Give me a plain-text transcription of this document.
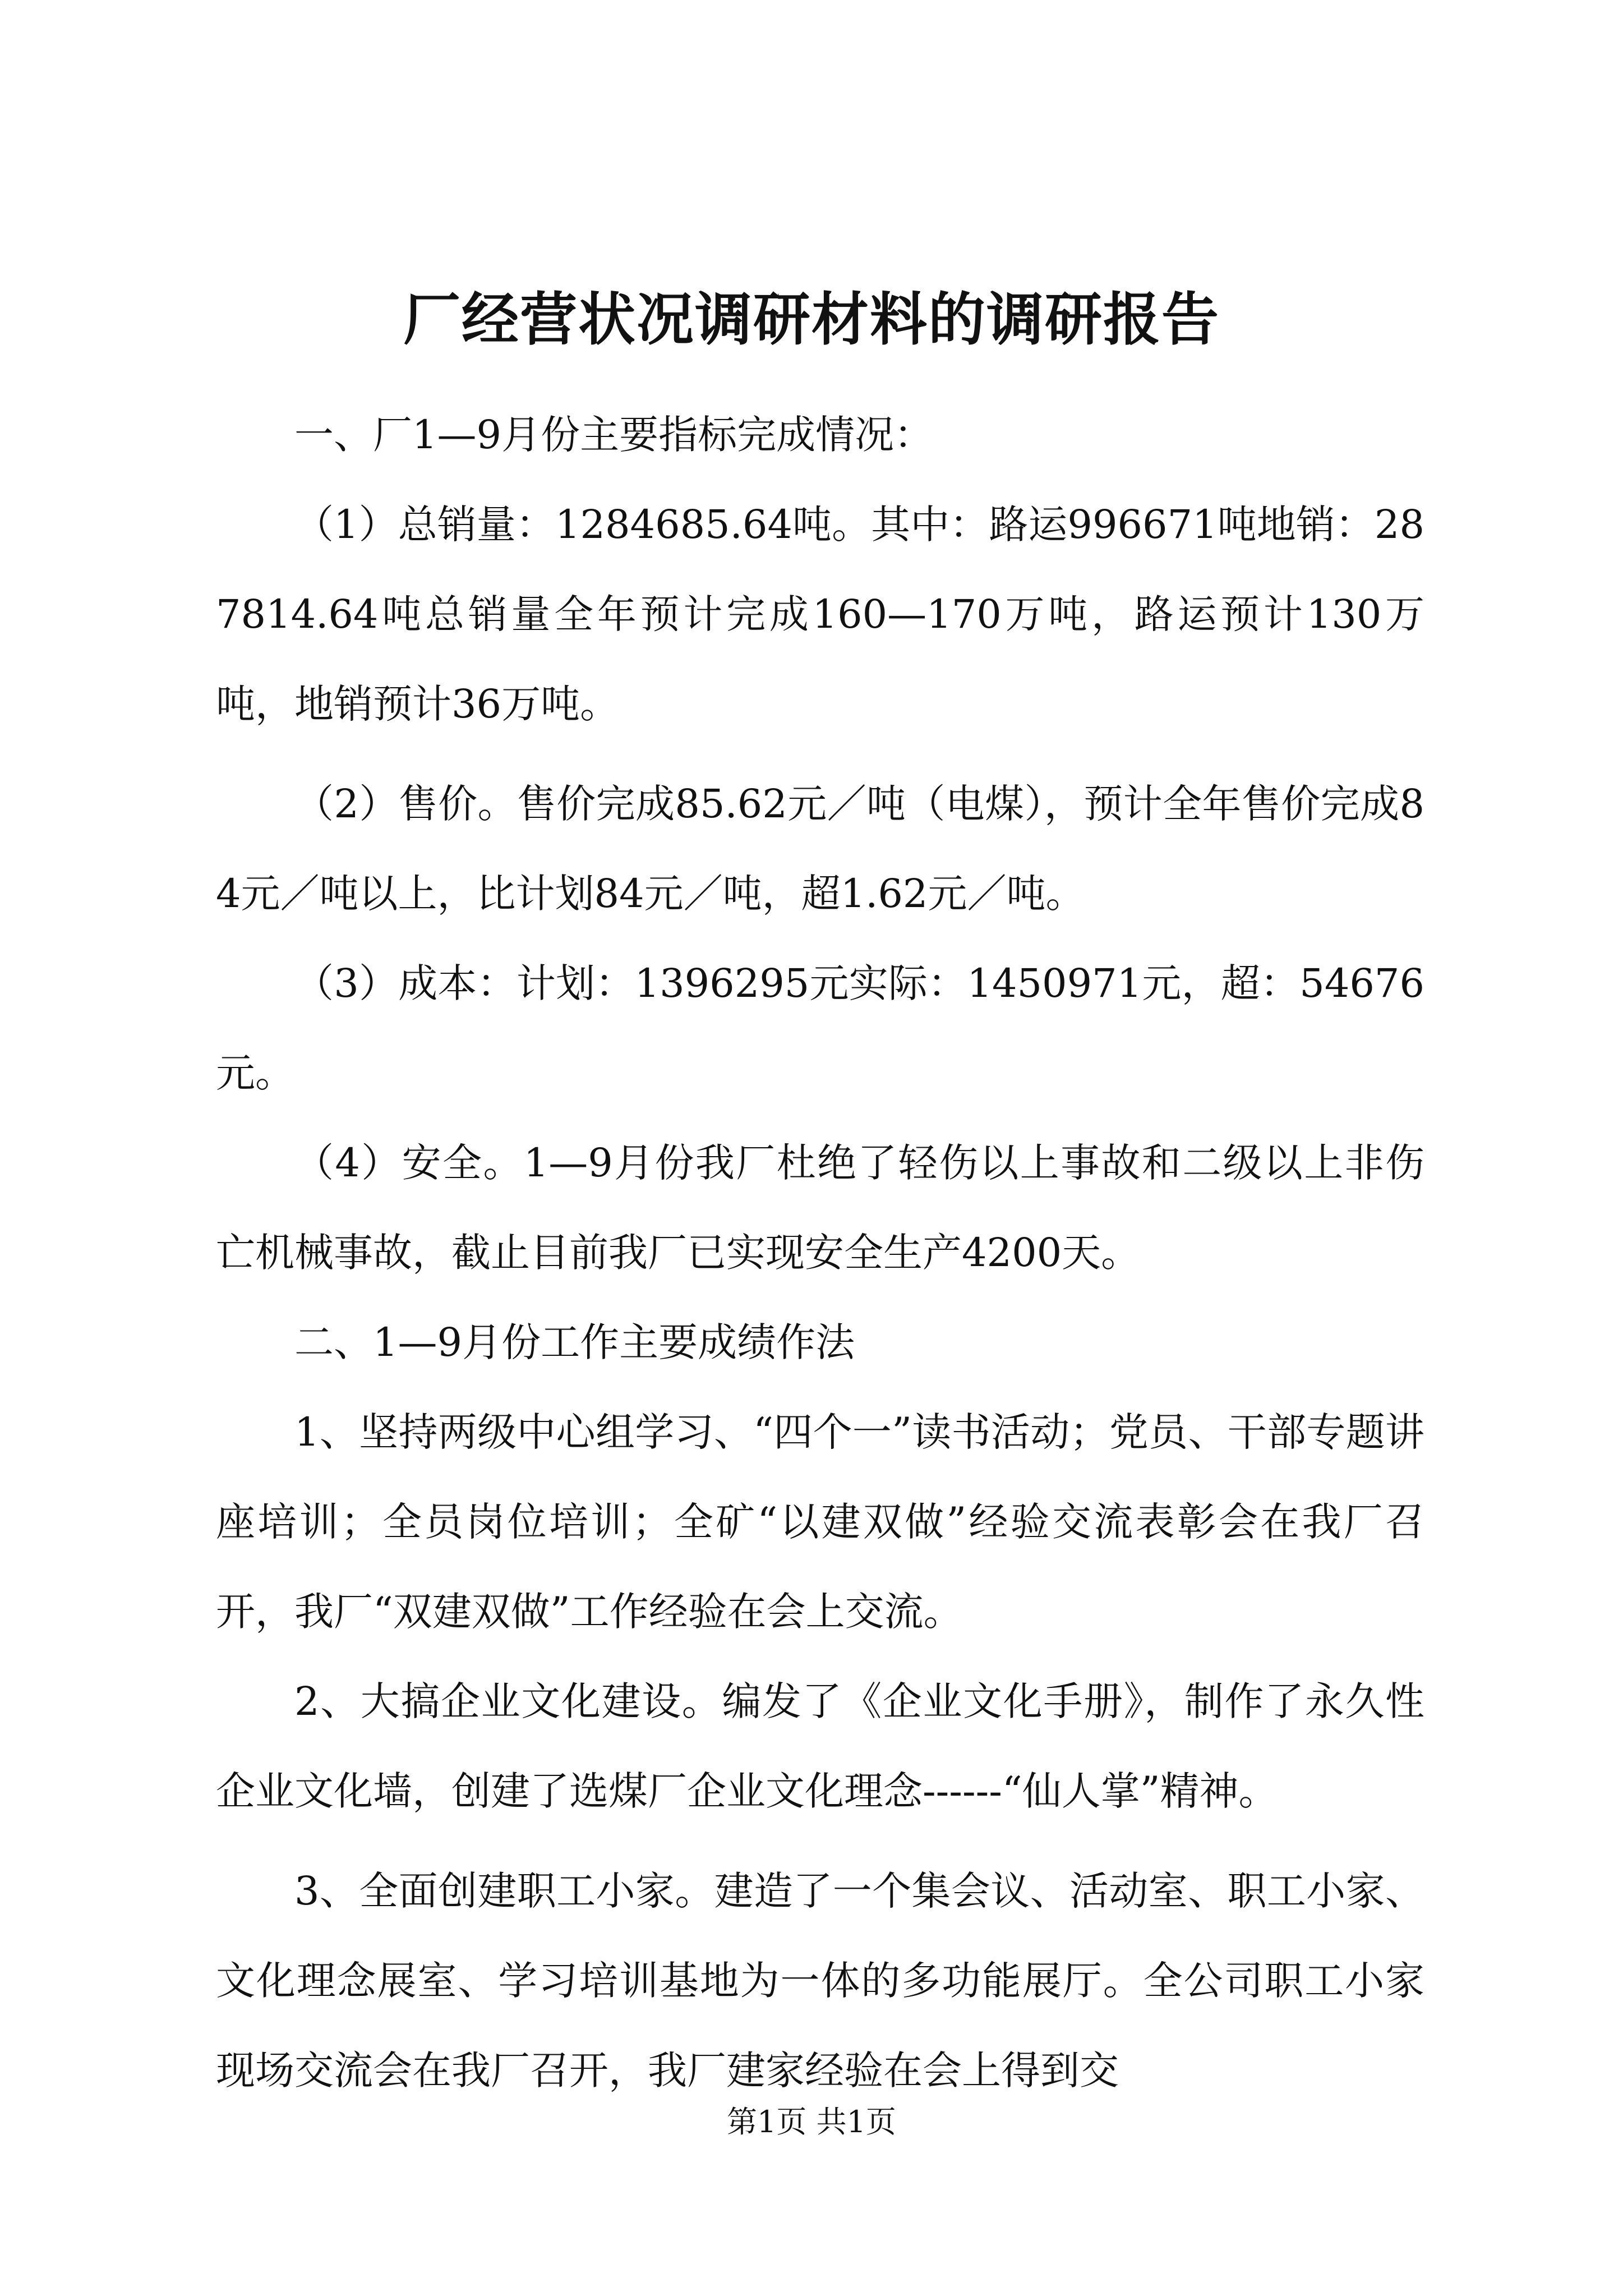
厂经营状况调研材料的调研报告

一、厂1—9月份主要指标完成情况：

（1）总销量：1284685.64吨。其中：路运996671吨地销：287814.64吨总销量全年预计完成160—170万吨，路运预计130万吨，地销预计36万吨。

（2）售价。售价完成85.62元／吨（电煤），预计全年售价完成84元／吨以上，比计划84元／吨，超1.62元／吨。

（3）成本：计划：1396295元实际：1450971元，超：54676元。

（4）安全。1—9月份我厂杜绝了轻伤以上事故和二级以上非伤亡机械事故，截止目前我厂已实现安全生产4200天。

二、1—9月份工作主要成绩作法

1、坚持两级中心组学习、“四个一”读书活动；党员、干部专题讲座培训；全员岗位培训；全矿“以建双做”经验交流表彰会在我厂召开，我厂“双建双做”工作经验在会上交流。

2、大搞企业文化建设。编发了《企业文化手册》，制作了永久性企业文化墙，创建了选煤厂企业文化理念------“仙人掌”精神。

3、全面创建职工小家。建造了一个集会议、活动室、职工小家、文化理念展室、学习培训基地为一体的多功能展厅。全公司职工小家现场交流会在我厂召开，我厂建家经验在会上得到交

第1页 共1页
